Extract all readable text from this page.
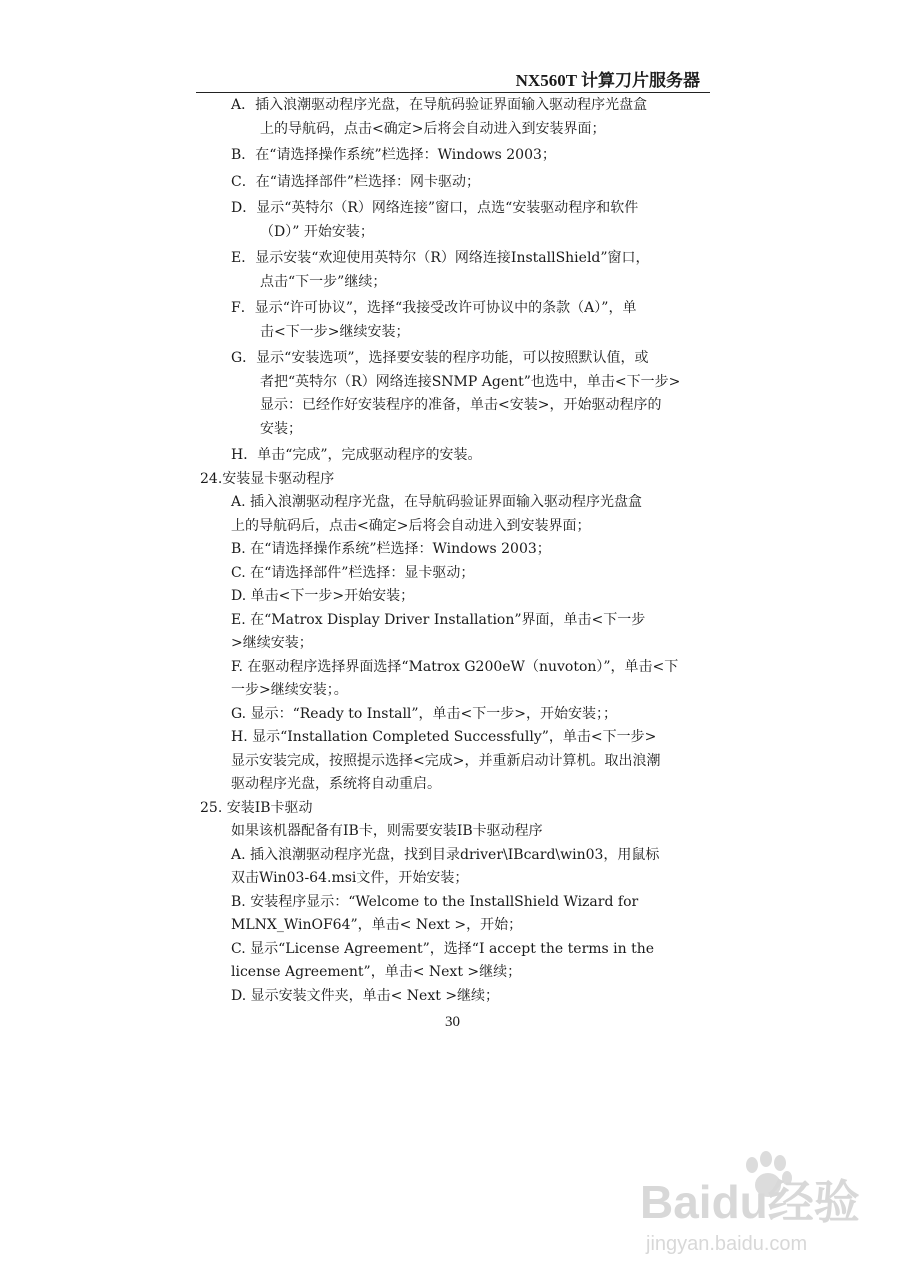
NX560T 计算刀片服务器
A．插入浪潮驱动程序光盘，在导航码验证界面输入驱动程序光盘盒
上的导航码，点击<确定>后将会自动进入到安装界面；
B．在“请选择操作系统”栏选择：Windows 2003；
C．在“请选择部件”栏选择：网卡驱动；
D．显示“英特尔（R）网络连接”窗口，点选“安装驱动程序和软件
（D）” 开始安装；
E．显示安装“欢迎使用英特尔（R）网络连接InstallShield”窗口，
点击“下一步”继续；
F．显示“许可协议”，选择“我接受改许可协议中的条款（A）”，单
击<下一步>继续安装；
G．显示“安装选项”，选择要安装的程序功能，可以按照默认值，或
者把“英特尔（R）网络连接SNMP Agent”也选中，单击<下一步>
显示：已经作好安装程序的准备，单击<安装>，开始驱动程序的
安装；
H．单击“完成”，完成驱动程序的安装。
24.安装显卡驱动程序
A. 插入浪潮驱动程序光盘，在导航码验证界面输入驱动程序光盘盒
上的导航码后，点击<确定>后将会自动进入到安装界面；
B. 在“请选择操作系统”栏选择：Windows 2003；
C. 在“请选择部件”栏选择：显卡驱动；
D. 单击<下一步>开始安装；
E. 在“Matrox Display Driver Installation”界面，单击<下一步
>继续安装；
F. 在驱动程序选择界面选择“Matrox G200eW（nuvoton）”，单击<下
一步>继续安装；。
G. 显示：“Ready to Install”，单击<下一步>，开始安装；；
H. 显示“Installation Completed Successfully”，单击<下一步>
显示安装完成，按照提示选择<完成>，并重新启动计算机。取出浪潮
驱动程序光盘，系统将自动重启。
25. 安装IB卡驱动
如果该机器配备有IB卡，则需要安装IB卡驱动程序
A. 插入浪潮驱动程序光盘，找到目录driver\IBcard\win03，用鼠标
双击Win03-64.msi文件，开始安装；
B. 安装程序显示：“Welcome to the InstallShield Wizard for
MLNX_WinOF64”，单击< Next >，开始；
C. 显示“License Agreement”，选择“I accept the terms in the
license Agreement”，单击< Next >继续；
D. 显示安装文件夹，单击< Next >继续；
30
Baidu经验
jingyan.baidu.com
